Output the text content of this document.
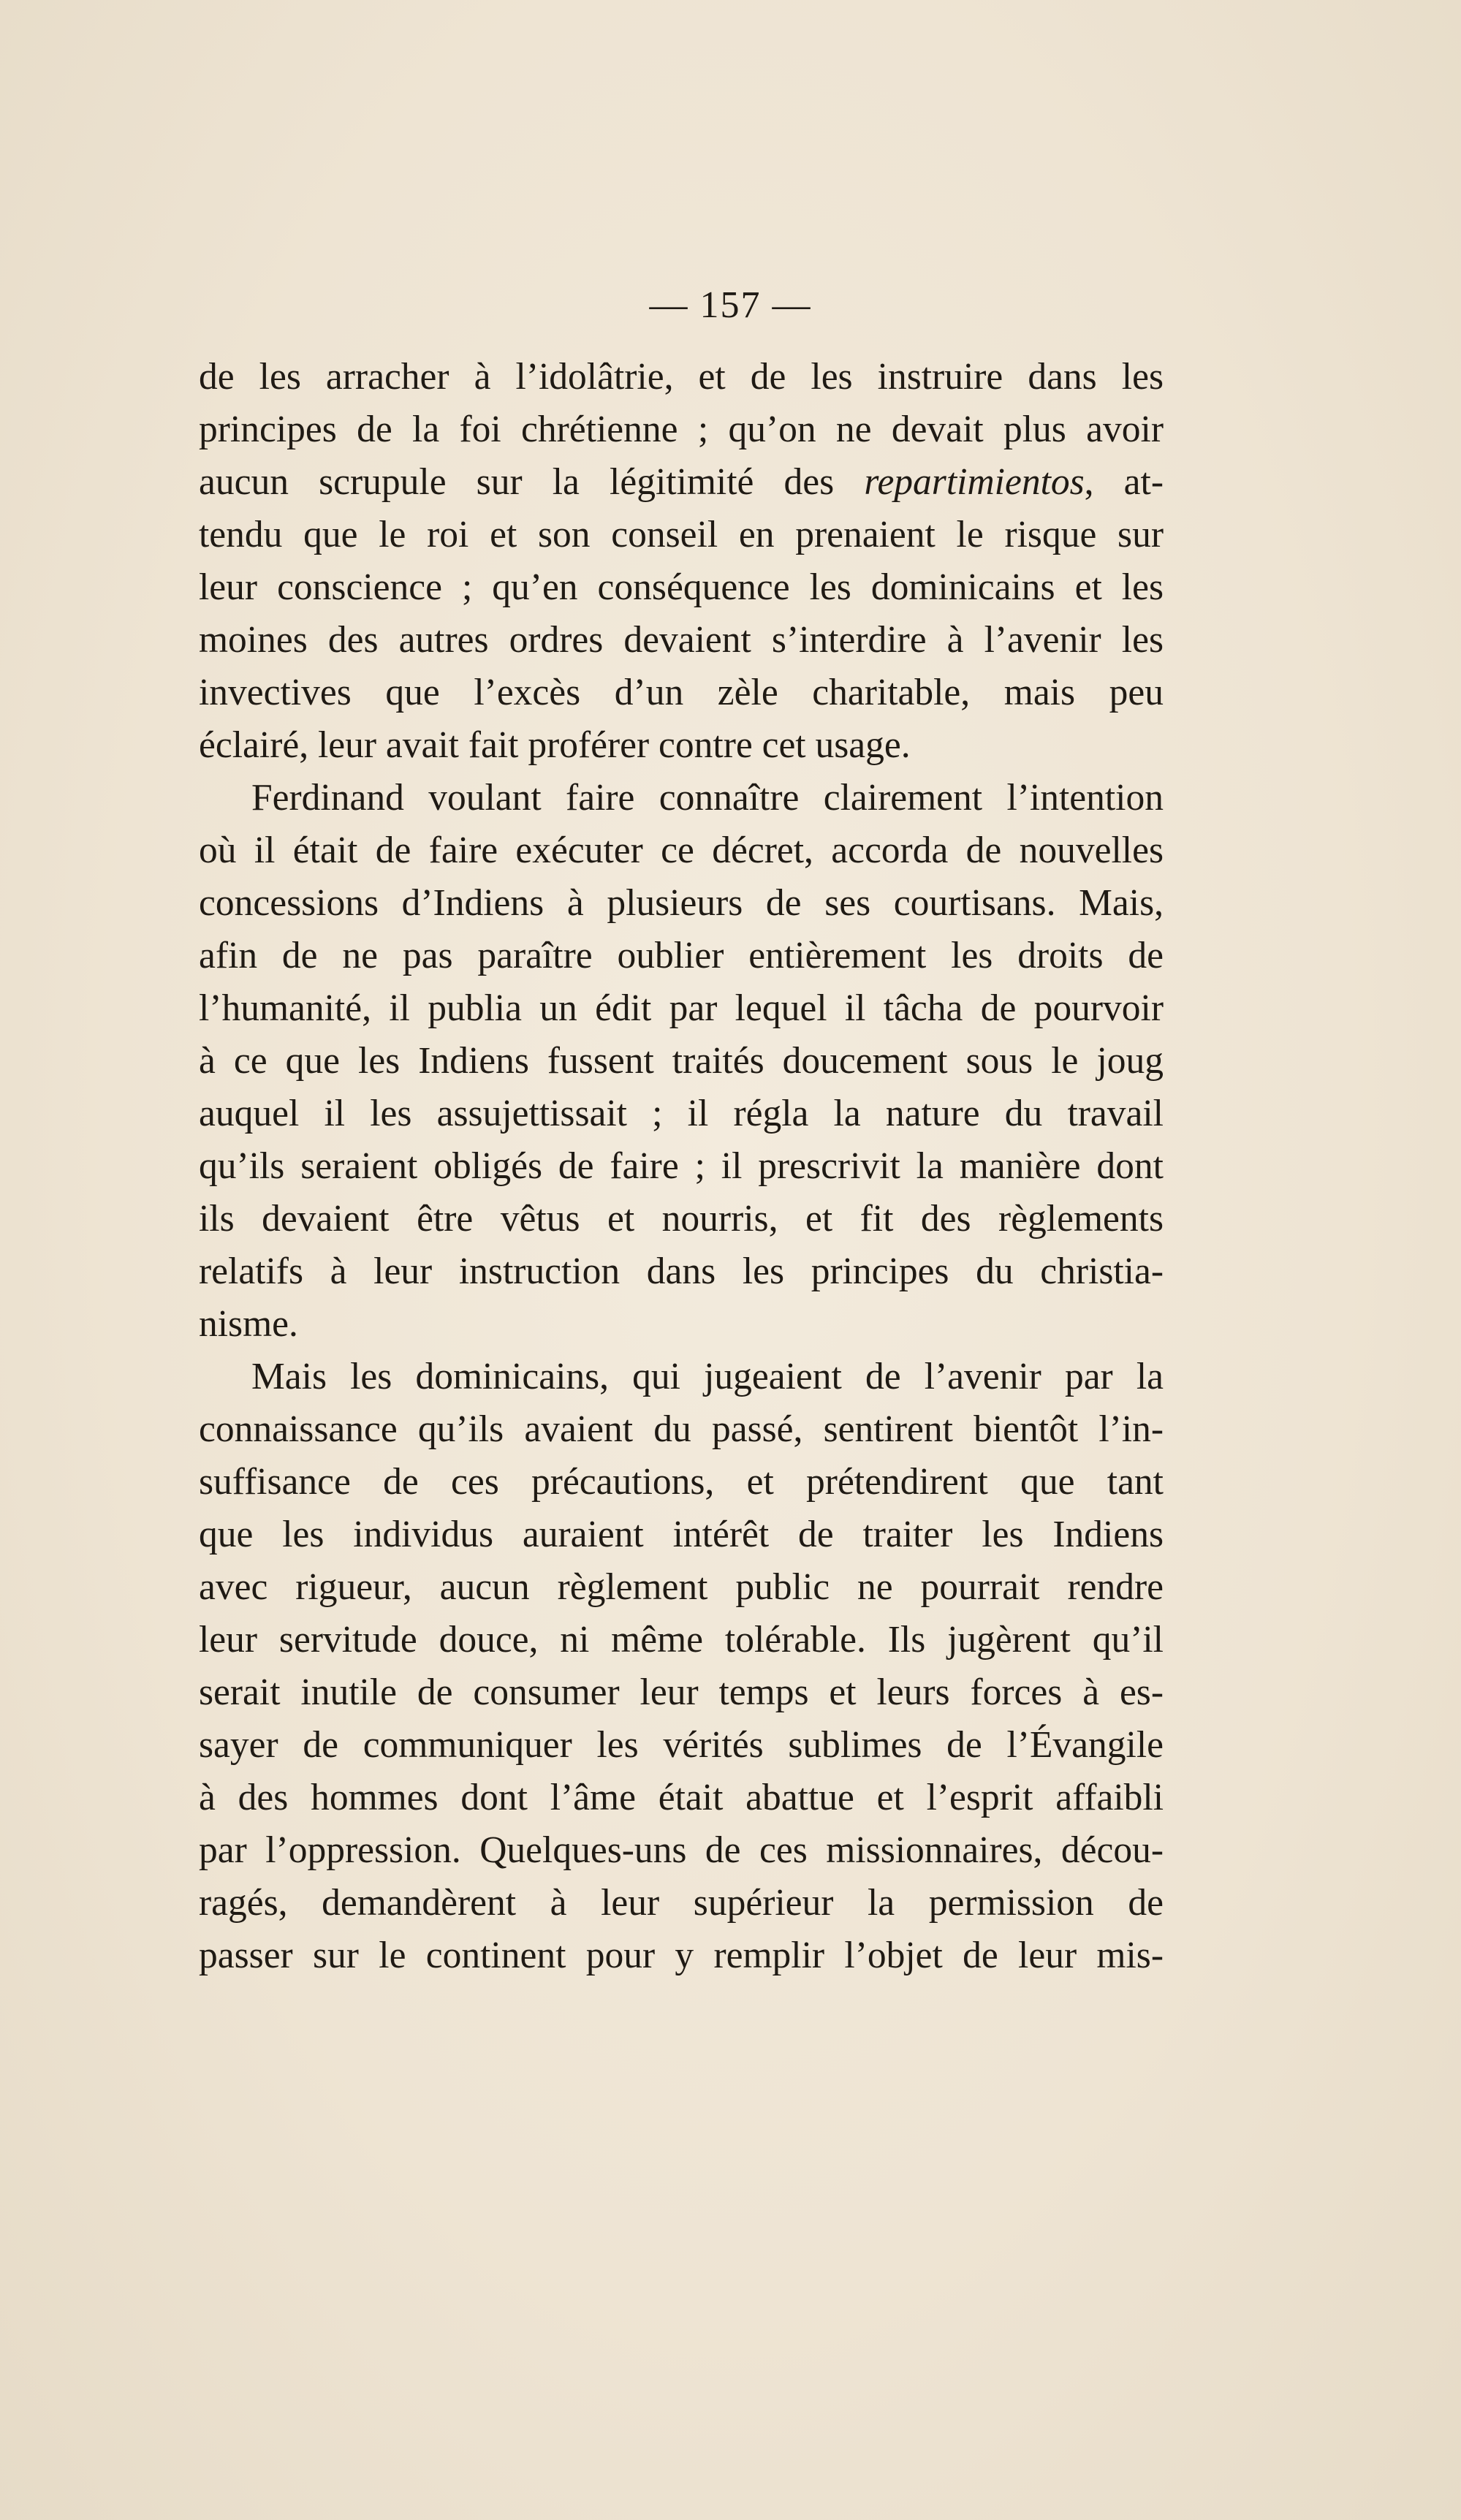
— 157 —
de les arracher à l’idolâtrie, et de les instruire dans les
principes de la foi chrétienne ; qu’on ne devait plus avoir
aucun scrupule sur la légitimité des repartimientos, at-
tendu que le roi et son conseil en prenaient le risque sur
leur conscience ; qu’en conséquence les dominicains et les
moines des autres ordres devaient s’interdire à l’avenir les
invectives que l’excès d’un zèle charitable, mais peu
éclairé, leur avait fait proférer contre cet usage.
Ferdinand voulant faire connaître clairement l’intention
où il était de faire exécuter ce décret, accorda de nouvelles
concessions d’Indiens à plusieurs de ses courtisans. Mais,
afin de ne pas paraître oublier entièrement les droits de
l’humanité, il publia un édit par lequel il tâcha de pourvoir
à ce que les Indiens fussent traités doucement sous le joug
auquel il les assujettissait ; il régla la nature du travail
qu’ils seraient obligés de faire ; il prescrivit la manière dont
ils devaient être vêtus et nourris, et fit des règlements
relatifs à leur instruction dans les principes du christia-
nisme.
Mais les dominicains, qui jugeaient de l’avenir par la
connaissance qu’ils avaient du passé, sentirent bientôt l’in-
suffisance de ces précautions, et prétendirent que tant
que les individus auraient intérêt de traiter les Indiens
avec rigueur, aucun règlement public ne pourrait rendre
leur servitude douce, ni même tolérable. Ils jugèrent qu’il
serait inutile de consumer leur temps et leurs forces à es-
sayer de communiquer les vérités sublimes de l’Évangile
à des hommes dont l’âme était abattue et l’esprit affaibli
par l’oppression. Quelques-uns de ces missionnaires, décou-
ragés, demandèrent à leur supérieur la permission de
passer sur le continent pour y remplir l’objet de leur mis-
